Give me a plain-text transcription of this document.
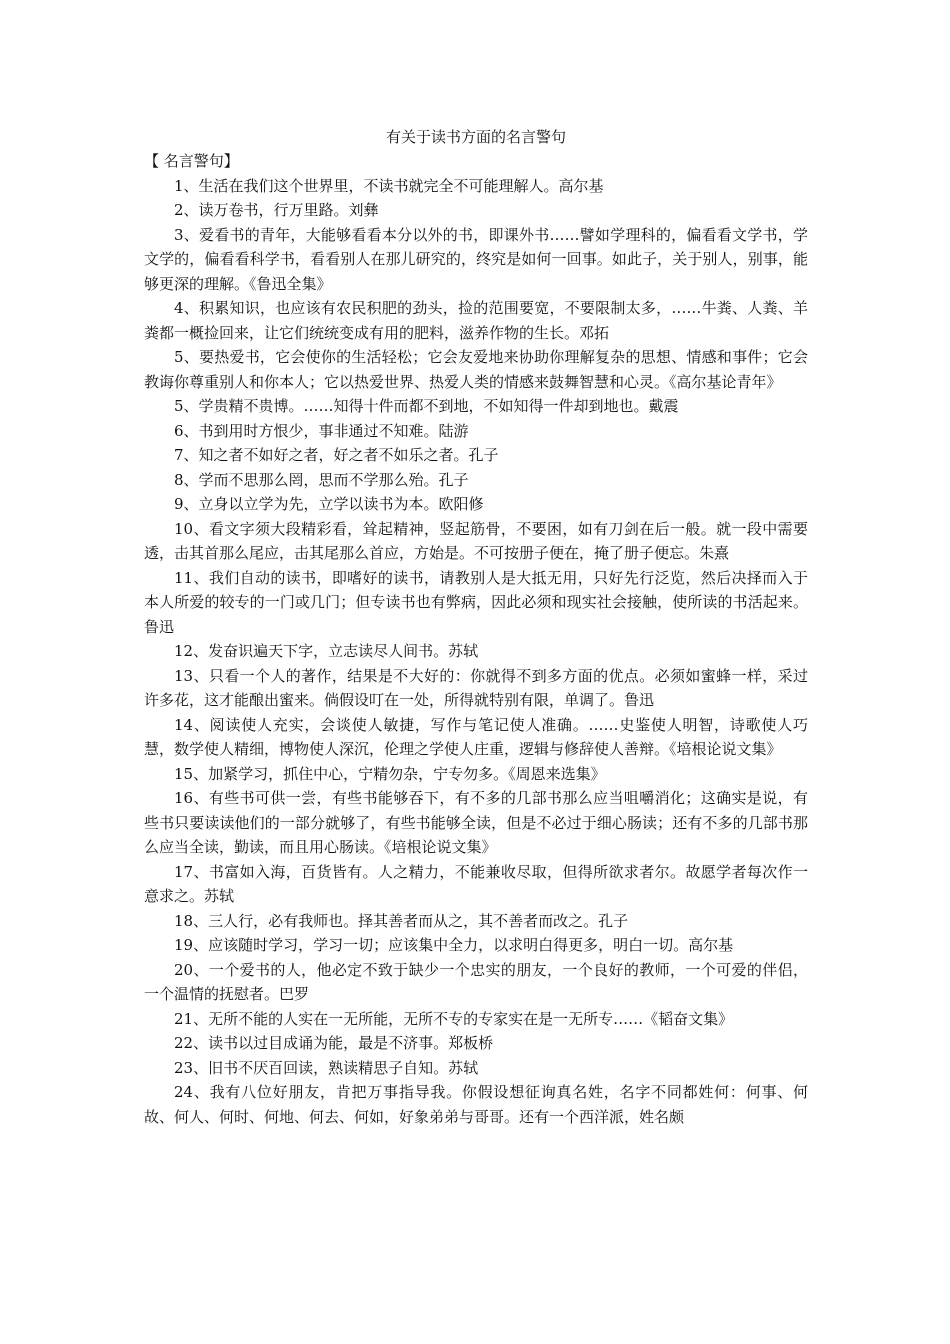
有关于读书方面的名言警句

【 名言警句】

1、生活在我们这个世界里，不读书就完全不可能理解人。高尔基

2、读万卷书，行万里路。刘彝

3、爱看书的青年，大能够看看本分以外的书，即课外书……譬如学理科的，偏看看文学书，学文学的，偏看看科学书，看看别人在那儿研究的，终究是如何一回事。如此子，关于别人，别事，能够更深的理解。《鲁迅全集》

4、积累知识，也应该有农民积肥的劲头，捡的范围要宽，不要限制太多，……牛粪、人粪、羊粪都一概捡回来，让它们统统变成有用的肥料，滋养作物的生长。邓拓

5、要热爱书，它会使你的生活轻松；它会友爱地来协助你理解复杂的思想、情感和事件；它会教诲你尊重别人和你本人；它以热爱世界、热爱人类的情感来鼓舞智慧和心灵。《高尔基论青年》

5、学贵精不贵博。……知得十件而都不到地，不如知得一件却到地也。戴震

6、书到用时方恨少，事非通过不知难。陆游

7、知之者不如好之者，好之者不如乐之者。孔子

8、学而不思那么罔，思而不学那么殆。孔子

9、立身以立学为先，立学以读书为本。欧阳修

10、看文字须大段精彩看，耸起精神，竖起筋骨，不要困，如有刀剑在后一般。就一段中需要透，击其首那么尾应，击其尾那么首应，方始是。不可按册子便在，掩了册子便忘。朱熹

11、我们自动的读书，即嗜好的读书，请教别人是大抵无用，只好先行泛览，然后决择而入于本人所爱的较专的一门或几门；但专读书也有弊病，因此必须和现实社会接触，使所读的书活起来。鲁迅

12、发奋识遍天下字，立志读尽人间书。苏轼

13、只看一个人的著作，结果是不大好的：你就得不到多方面的优点。必须如蜜蜂一样，采过许多花，这才能酿出蜜来。倘假设叮在一处，所得就特别有限，单调了。鲁迅

14、阅读使人充实，会谈使人敏捷，写作与笔记使人准确。……史鉴使人明智，诗歌使人巧慧，数学使人精细，博物使人深沉，伦理之学使人庄重，逻辑与修辞使人善辩。《培根论说文集》

15、加紧学习，抓住中心，宁精勿杂，宁专勿多。《周恩来选集》

16、有些书可供一尝，有些书能够吞下，有不多的几部书那么应当咀嚼消化；这确实是说，有些书只要读读他们的一部分就够了，有些书能够全读，但是不必过于细心肠读；还有不多的几部书那么应当全读，勤读，而且用心肠读。《培根论说文集》

17、书富如入海，百货皆有。人之精力，不能兼收尽取，但得所欲求者尔。故愿学者每次作一意求之。苏轼

18、三人行，必有我师也。择其善者而从之，其不善者而改之。孔子

19、应该随时学习，学习一切；应该集中全力，以求明白得更多，明白一切。高尔基

20、一个爱书的人，他必定不致于缺少一个忠实的朋友，一个良好的教师，一个可爱的伴侣，一个温情的抚慰者。巴罗

21、无所不能的人实在一无所能，无所不专的专家实在是一无所专……《韬奋文集》

22、读书以过目成诵为能，最是不济事。郑板桥

23、旧书不厌百回读，熟读精思子自知。苏轼

24、我有八位好朋友，肯把万事指导我。你假设想征询真名姓，名字不同都姓何：何事、何故、何人、何时、何地、何去、何如，好象弟弟与哥哥。还有一个西洋派，姓名颇
